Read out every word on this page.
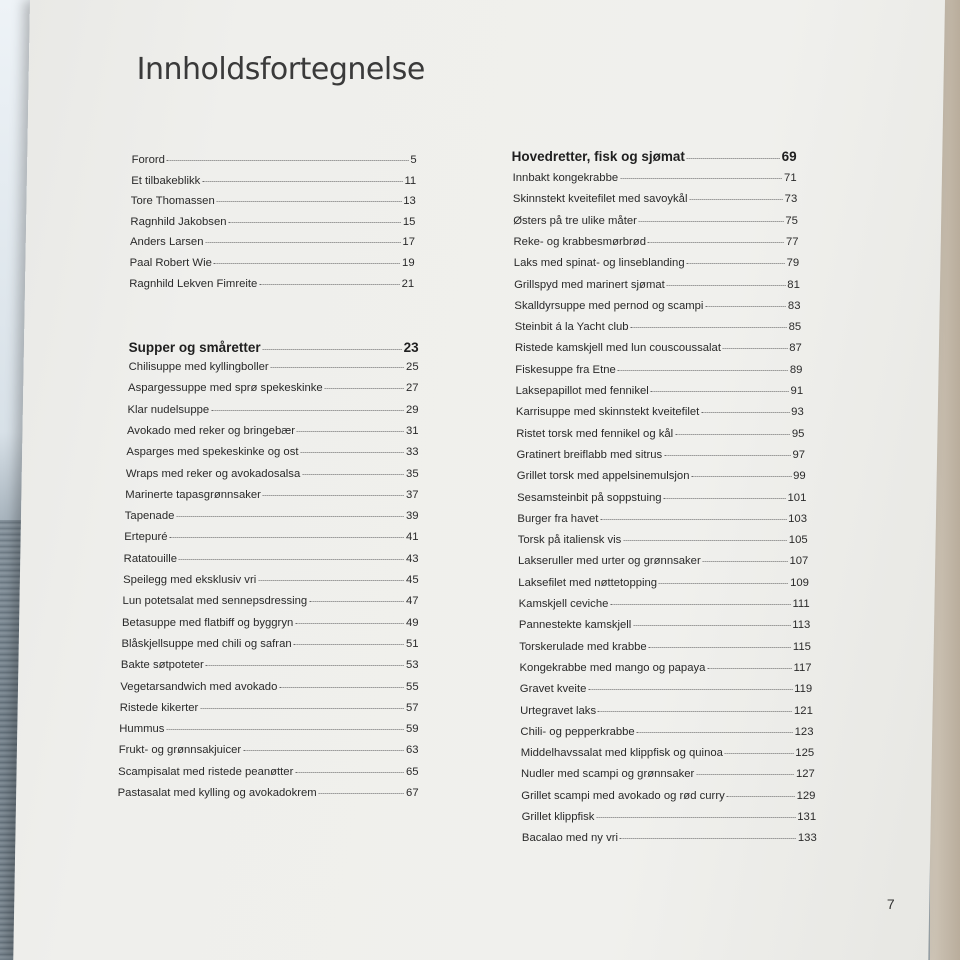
Innholdsfortegnelse
Forord	5
Et tilbakeblikk	11
Tore Thomassen	13
Ragnhild Jakobsen	15
Anders Larsen	17
Paal Robert Wie	19
Ragnhild Lekven Fimreite	21
Supper og småretter	23
Chilisuppe med kyllingboller	25
Aspargessuppe med sprø spekeskinke	27
Klar nudelsuppe	29
Avokado med reker og bringebær	31
Asparges med spekeskinke og ost	33
Wraps med reker og avokadosalsa	35
Marinerte tapasgrønnsaker	37
Tapenade	39
Ertepuré	41
Ratatouille	43
Speilegg med eksklusiv vri	45
Lun potetsalat med sennepsdressing	47
Betasuppe med flatbiff og byggryn	49
Blåskjellsuppe med chili og safran	51
Bakte søtpoteter	53
Vegetarsandwich med avokado	55
Ristede kikerter	57
Hummus	59
Frukt- og grønnsakjuicer	63
Scampisalat med ristede peanøtter	65
Pastasalat med kylling og avokadokrem	67
Hovedretter, fisk og sjømat	69
Innbakt kongekrabbe	71
Skinnstekt kveitefilet med savoykål	73
Østers på tre ulike måter	75
Reke- og krabbesmørbrød	77
Laks med spinat- og linseblanding	79
Grillspyd med marinert sjømat	81
Skalldyrsuppe med pernod og scampi	83
Steinbit á la Yacht club	85
Ristede kamskjell med lun couscoussalat	87
Fiskesuppe fra Etne	89
Laksepapillot med fennikel	91
Karrisuppe med skinnstekt kveitefilet	93
Ristet torsk med fennikel og kål	95
Gratinert breiflabb med sitrus	97
Grillet torsk med appelsinemulsjon	99
Sesamsteinbit på soppstuing	101
Burger fra havet	103
Torsk på italiensk vis	105
Lakseruller med urter og grønnsaker	107
Laksefilet med nøttetopping	109
Kamskjell ceviche	111
Pannestekte kamskjell	113
Torskerulade med krabbe	115
Kongekrabbe med mango og papaya	117
Gravet kveite	119
Urtegravet laks	121
Chili- og pepperkrabbe	123
Middelhavssalat med klippfisk og quinoa	125
Nudler med scampi og grønnsaker	127
Grillet scampi med avokado og rød curry	129
Grillet klippfisk	131
Bacalao med ny vri	133
7
